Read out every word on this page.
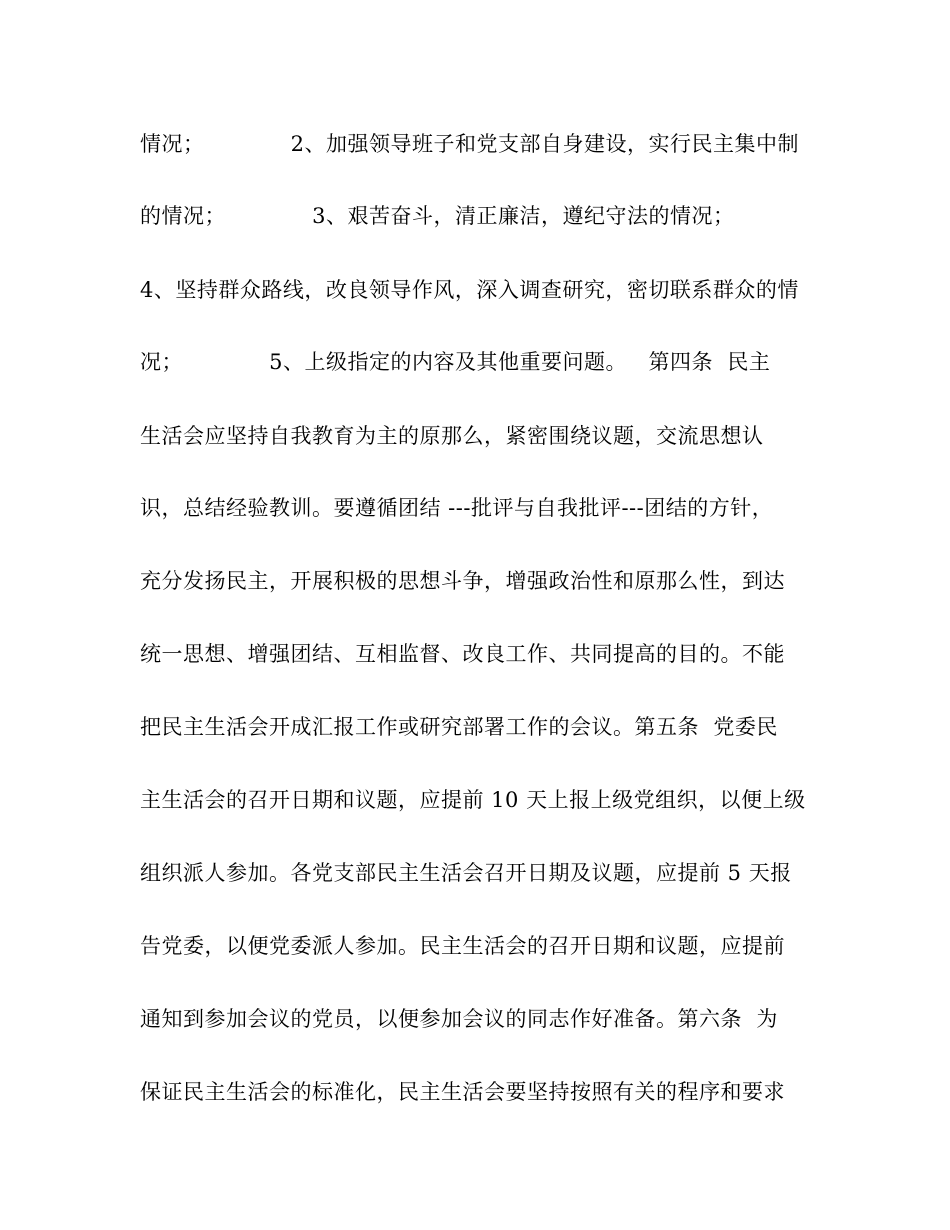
情况；            2、加强领导班子和党支部自身建设，实行民主集中制
的情况；            3、艰苦奋斗，清正廉洁，遵纪守法的情况；
4、坚持群众路线，改良领导作风，深入调查研究，密切联系群众的情
况；            5、上级指定的内容及其他重要问题。   第四条  民主
生活会应坚持自我教育为主的原那么，紧密围绕议题，交流思想认
识，总结经验教训。要遵循团结 ---批评与自我批评---团结的方针，
充分发扬民主，开展积极的思想斗争，增强政治性和原那么性，到达
统一思想、增强团结、互相监督、改良工作、共同提高的目的。不能
把民主生活会开成汇报工作或研究部署工作的会议。第五条  党委民
主生活会的召开日期和议题，应提前 10 天上报上级党组织，以便上级
组织派人参加。各党支部民主生活会召开日期及议题，应提前 5 天报
告党委，以便党委派人参加。民主生活会的召开日期和议题，应提前
通知到参加会议的党员，以便参加会议的同志作好准备。第六条  为
保证民主生活会的标准化，民主生活会要坚持按照有关的程序和要求
